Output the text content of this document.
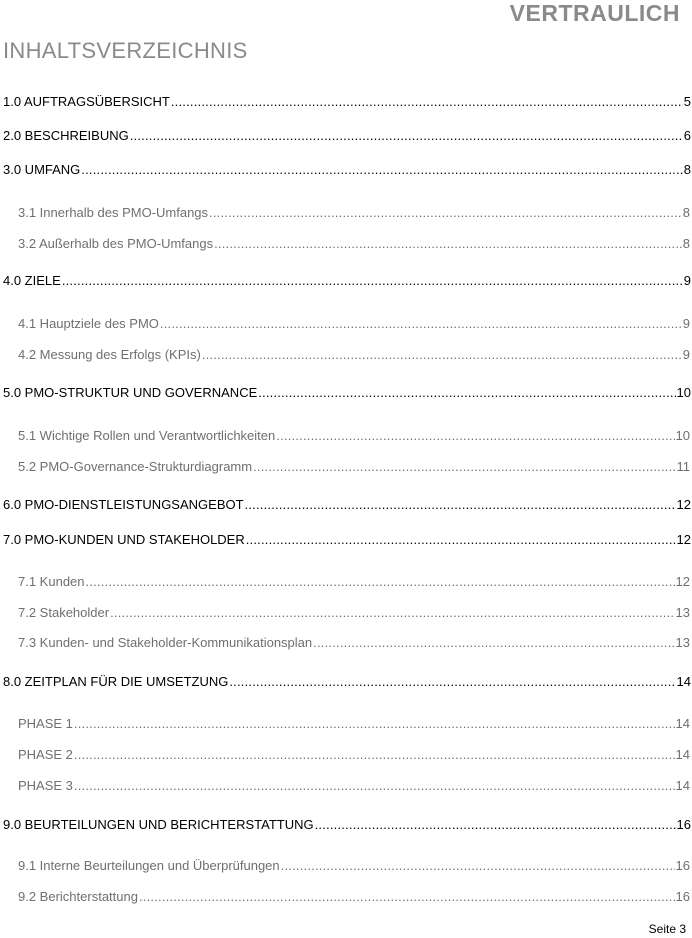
VERTRAULICH
INHALTSVERZEICHNIS
1.0 AUFTRAGSÜBERSICHT .....	5
2.0 BESCHREIBUNG .....	6
3.0 UMFANG .....	8
3.1 Innerhalb des PMO-Umfangs .....	8
3.2 Außerhalb des PMO-Umfangs .....	8
4.0 ZIELE .....	9
4.1 Hauptziele des PMO .....	9
4.2 Messung des Erfolgs (KPIs) .....	9
5.0 PMO-STRUKTUR UND GOVERNANCE .....	10
5.1 Wichtige Rollen und Verantwortlichkeiten .....	10
5.2 PMO-Governance-Strukturdiagramm .....	11
6.0 PMO-DIENSTLEISTUNGSANGEBOT .....	12
7.0 PMO-KUNDEN UND STAKEHOLDER .....	12
7.1 Kunden .....	12
7.2 Stakeholder .....	13
7.3 Kunden- und Stakeholder-Kommunikationsplan .....	13
8.0 ZEITPLAN FÜR DIE UMSETZUNG .....	14
PHASE 1 .....	14
PHASE 2 .....	14
PHASE 3 .....	14
9.0 BEURTEILUNGEN UND BERICHTERSTATTUNG .....	16
9.1 Interne Beurteilungen und Überprüfungen .....	16
9.2 Berichterstattung .....	16
Seite 3
